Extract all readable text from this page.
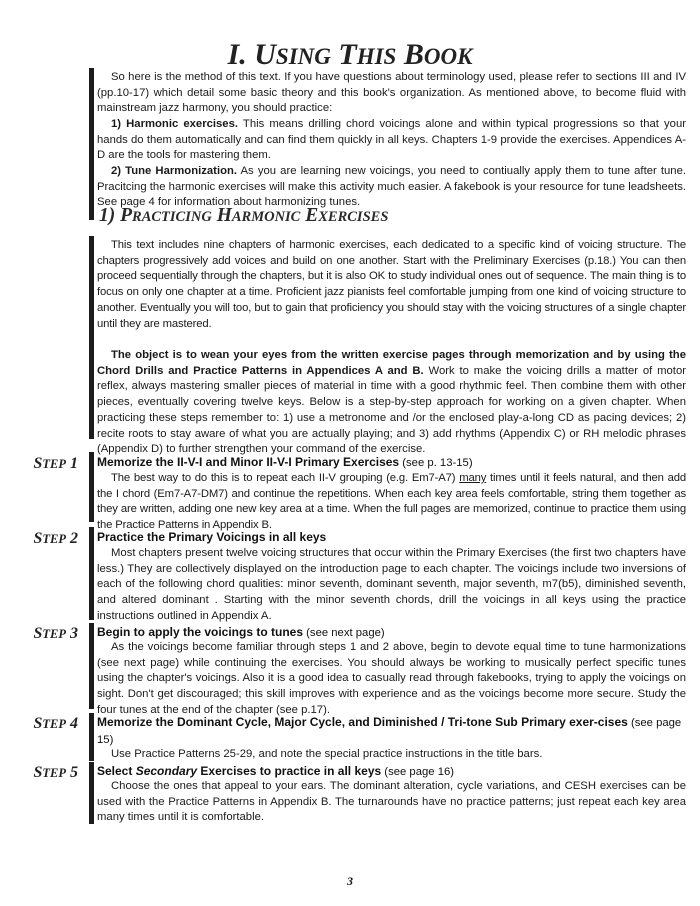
I. USING THIS BOOK

So here is the method of this text. If you have questions about terminology used, please refer to sections III and IV (pp.10-17) which detail some basic theory and this book's organization. As mentioned above, to become fluid with mainstream jazz harmony, you should practice:

1) Harmonic exercises. This means drilling chord voicings alone and within typical progressions so that your hands do them automatically and can find them quickly in all keys. Chapters 1-9 provide the exercises. Appendices A-D are the tools for mastering them.

2) Tune Harmonization. As you are learning new voicings, you need to contiually apply them to tune after tune. Pracitcing the harmonic exercises will make this activity much easier. A fakebook is your resource for tune leadsheets. See page 4 for information about harmonizing tunes.

1) PRACTICING HARMONIC EXERCISES

This text includes nine chapters of harmonic exercises, each dedicated to a specific kind of voicing structure. The chapters progressively add voices and build on one another. Start with the Preliminary Exercises (p.18.) You can then proceed sequentially through the chapters, but it is also OK to study individual ones out of sequence. The main thing is to focus on only one chapter at a time. Proficient jazz pianists feel comfortable jumping from one kind of voicing structure to another. Eventually you will too, but to gain that proficiency you should stay with the voicing structures of a single chapter until they are mastered.

The object is to wean your eyes from the written exercise pages through memorization and by using the Chord Drills and Practice Patterns in Appendices A and B. Work to make the voicing drills a matter of motor reflex, always mastering smaller pieces of material in time with a good rhythmic feel. Then combine them with other pieces, eventually covering twelve keys. Below is a step-by-step approach for working on a given chapter. When practicing these steps remember to: 1) use a metronome and /or the enclosed play-a-long CD as pacing devices; 2) recite roots to stay aware of what you are actually playing; and 3) add rhythms (Appendix C) or RH melodic phrases (Appendix D) to further strengthen your command of the exercise.

STEP 1 Memorize the II-V-I and Minor II-V-I Primary Exercises (see p. 13-15)

The best way to do this is to repeat each II-V grouping (e.g. Em7-A7) many times until it feels natural, and then add the I chord (Em7-A7-DM7) and continue the repetitions. When each key area feels comfortable, string them together as they are written, adding one new key area at a time. When the full pages are memorized, continue to practice them using the Practice Patterns in Appendix B.

STEP 2 Practice the Primary Voicings in all keys

Most chapters present twelve voicing structures that occur within the Primary Exercises (the first two chapters have less.) They are collectively displayed on the introduction page to each chapter. The voicings include two inversions of each of the following chord qualities: minor seventh, dominant seventh, major seventh, m7(b5), diminished seventh, and altered dominant . Starting with the minor seventh chords, drill the voicings in all keys using the practice instructions outlined in Appendix A.

STEP 3 Begin to apply the voicings to tunes (see next page)

As the voicings become familiar through steps 1 and 2 above, begin to devote equal time to tune harmonizations (see next page) while continuing the exercises. You should always be working to musically perfect specific tunes using the chapter's voicings. Also it is a good idea to casually read through fakebooks, trying to apply the voicings on sight. Don't get discouraged; this skill improves with experience and as the voicings become more secure. Study the four tunes at the end of the chapter (see p.17).

STEP 4 Memorize the Dominant Cycle, Major Cycle, and Diminished / Tri-tone Sub Primary exer-cises (see page 15)

Use Practice Patterns 25-29, and note the special practice instructions in the title bars.

STEP 5 Select Secondary Exercises to practice in all keys (see page 16)

Choose the ones that appeal to your ears. The dominant alteration, cycle variations, and CESH exercises can be used with the Practice Patterns in Appendix B. The turnarounds have no practice patterns; just repeat each key area many times until it is comfortable.

3
